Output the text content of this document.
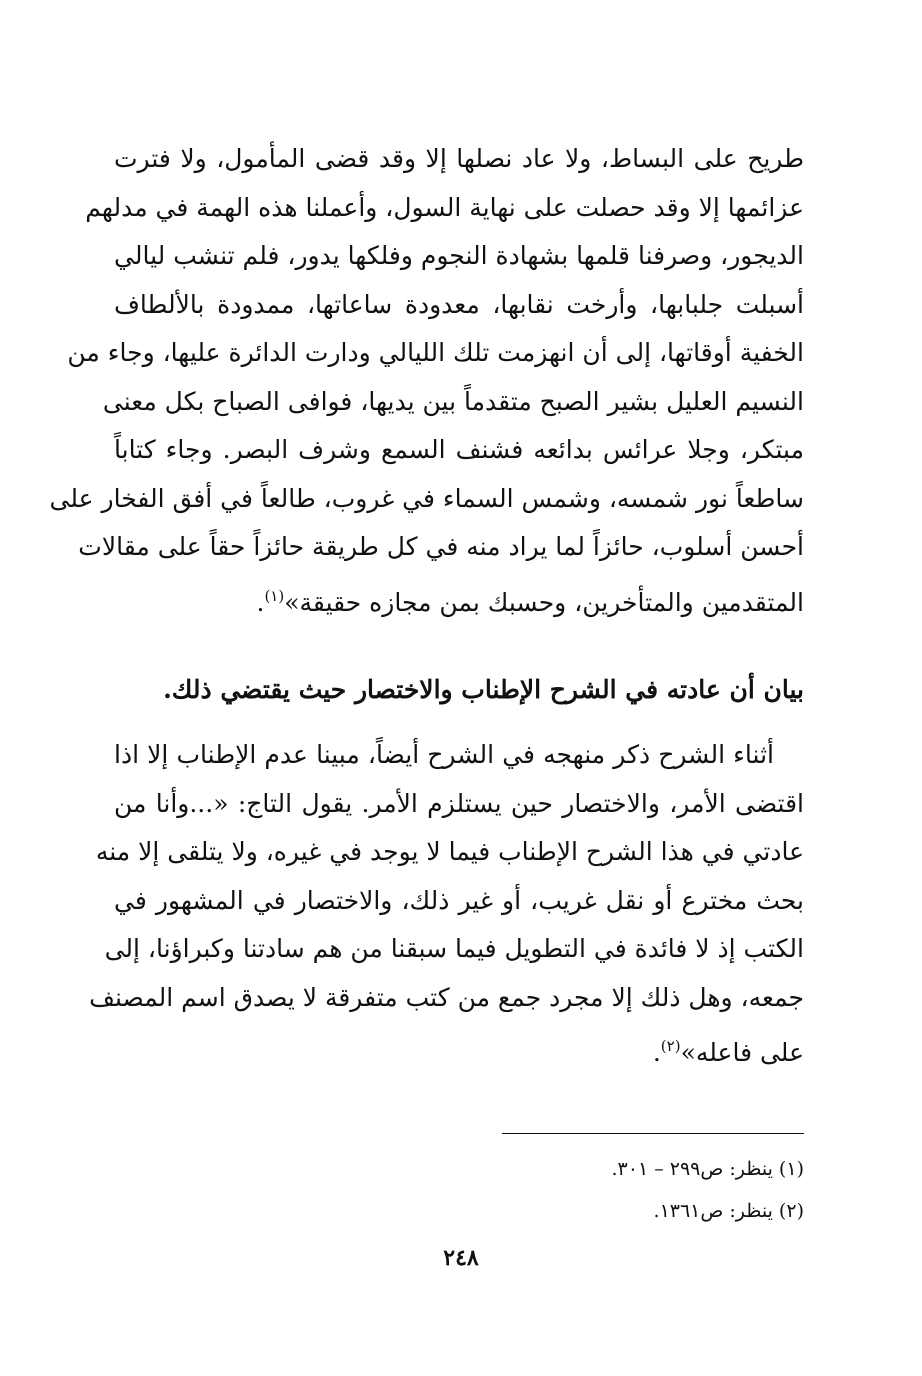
طريح على البساط، ولا عاد نصلها إلا وقد قضى المأمول، ولا فترت
عزائمها إلا وقد حصلت على نهاية السول، وأعملنا هذه الهمة في مدلهم
الديجور، وصرفنا قلمها بشهادة النجوم وفلكها يدور، فلم تنشب ليالي
أسبلت جلبابها، وأرخت نقابها، معدودة ساعاتها، ممدودة بالألطاف
الخفية أوقاتها، إلى أن انهزمت تلك الليالي ودارت الدائرة عليها، وجاء من
النسيم العليل بشير الصبح متقدماً بين يديها، فوافى الصباح بكل معنى
مبتكر، وجلا عرائس بدائعه فشنف السمع وشرف البصر. وجاء كتاباً
ساطعاً نور شمسه، وشمس السماء في غروب، طالعاً في أفق الفخار على
أحسن أسلوب، حائزاً لما يراد منه في كل طريقة حائزاً حقاً على مقالات
المتقدمين والمتأخرين، وحسبك بمن مجازه حقيقة»$^{(١)}$.
بيان أن عادته في الشرح الإطناب والاختصار حيث يقتضي ذلك.
أثناء الشرح ذكر منهجه في الشرح أيضاً، مبينا عدم الإطناب إلا اذا
اقتضى الأمر، والاختصار حين يستلزم الأمر. يقول التاج: «...وأنا من
عادتي في هذا الشرح الإطناب فيما لا يوجد في غيره، ولا يتلقى إلا منه
بحث مخترع أو نقل غريب، أو غير ذلك، والاختصار في المشهور في
الكتب إذ لا فائدة في التطويل فيما سبقنا من هم سادتنا وكبراؤنا، إلى
جمعه، وهل ذلك إلا مجرد جمع من كتب متفرقة لا يصدق اسم المصنف
على فاعله»$^{(٢)}$.
(١) ينظر: ص٢٩٩ – ٣٠١.
(٢) ينظر: ص١٣٦١.
٢٤٨
